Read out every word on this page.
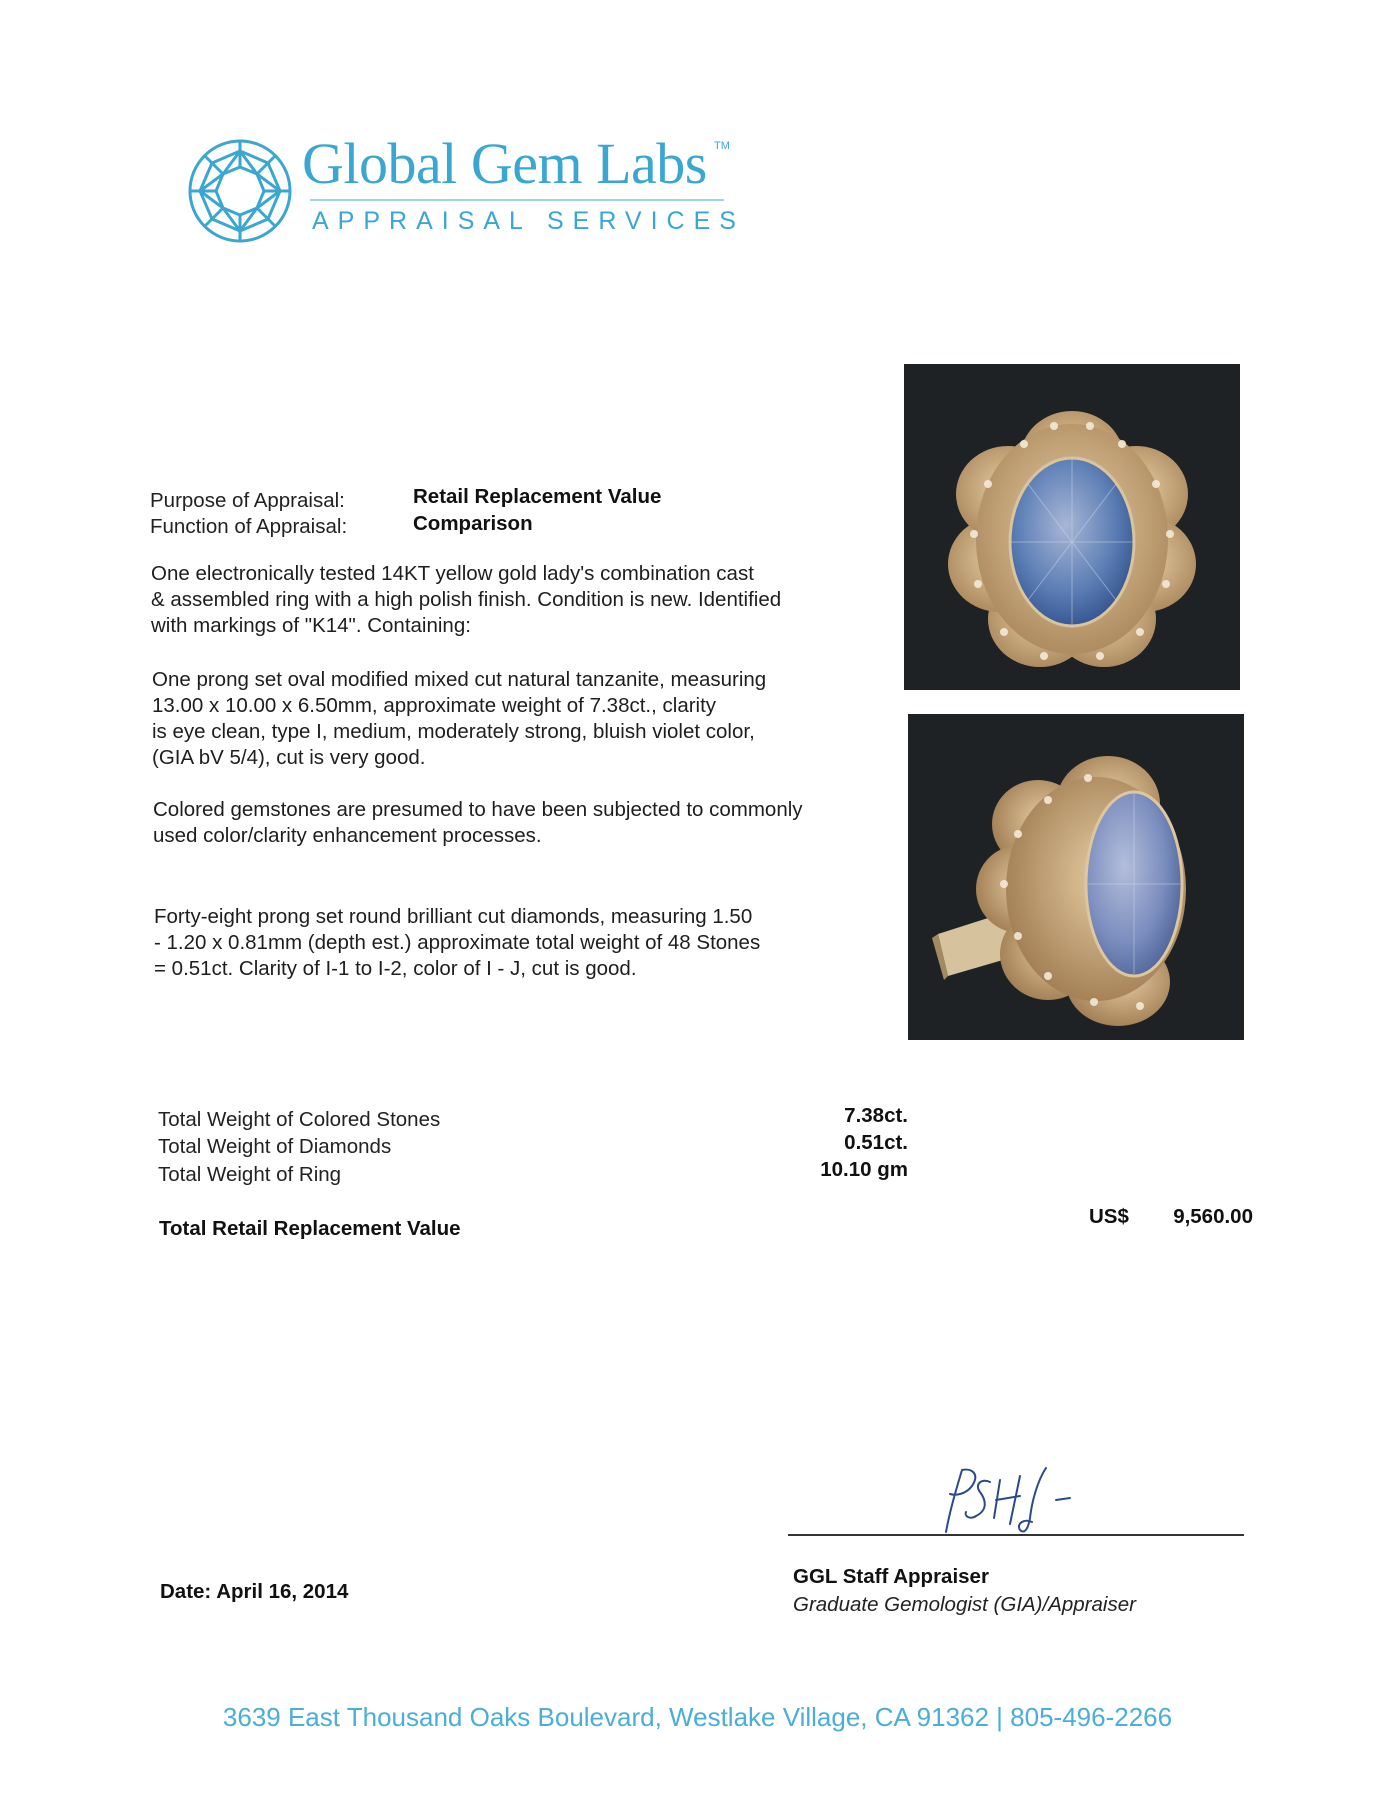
Global Gem Labs TM
APPRAISAL SERVICES
Purpose of Appraisal:	Retail Replacement Value
Function of Appraisal:	Comparison
One electronically tested 14KT yellow gold lady's combination cast
& assembled ring with a high polish finish. Condition is new. Identified
with markings of "K14". Containing:
One prong set oval modified mixed cut natural tanzanite, measuring
13.00 x 10.00 x 6.50mm, approximate weight of 7.38ct., clarity
is eye clean, type I, medium, moderately strong, bluish violet color,
(GIA bV 5/4), cut is very good.
Colored gemstones are presumed to have been subjected to commonly
used color/clarity enhancement processes.
Forty-eight prong set round brilliant cut diamonds, measuring 1.50
- 1.20 x 0.81mm (depth est.) approximate total weight of 48 Stones
= 0.51ct. Clarity of I-1 to I-2, color of I - J, cut is good.
Total Weight of Colored Stones	7.38ct.
Total Weight of Diamonds	0.51ct.
Total Weight of Ring	10.10 gm
Total Retail Replacement Value
US$ 9,560.00
Date: April 16, 2014
GGL Staff Appraiser
Graduate Gemologist (GIA)/Appraiser
3639 East Thousand Oaks Boulevard, Westlake Village, CA 91362 | 805-496-2266
